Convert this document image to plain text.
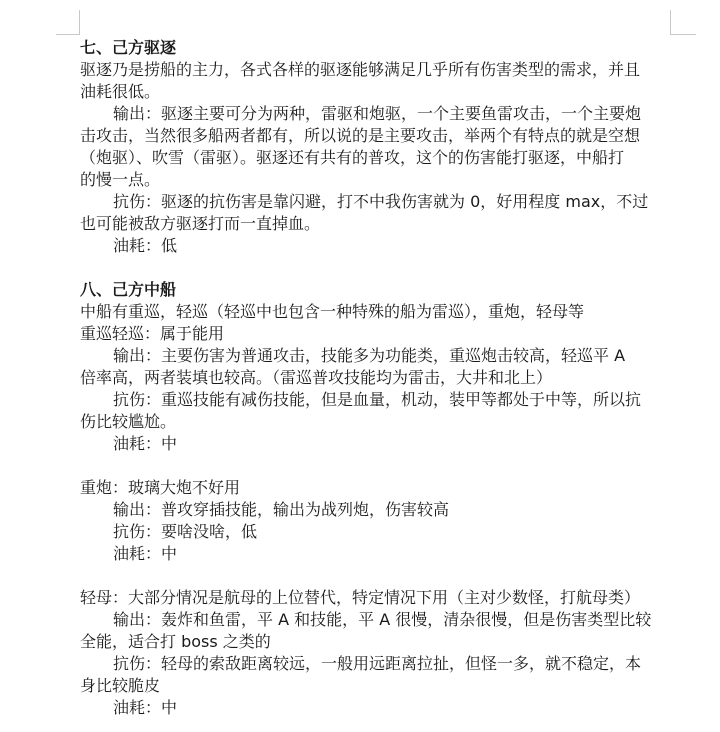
七、己方驱逐
驱逐乃是捞船的主力，各式各样的驱逐能够满足几乎所有伤害类型的需求，并且
油耗很低。
输出：驱逐主要可分为两种，雷驱和炮驱，一个主要鱼雷攻击，一个主要炮
击攻击，当然很多船两者都有，所以说的是主要攻击，举两个有特点的就是空想
（炮驱）、吹雪（雷驱）。驱逐还有共有的普攻，这个的伤害能打驱逐，中船打
的慢一点。
抗伤：驱逐的抗伤害是靠闪避，打不中我伤害就为 0，好用程度 max，不过
也可能被敌方驱逐打而一直掉血。
油耗：低
八、己方中船
中船有重巡，轻巡（轻巡中也包含一种特殊的船为雷巡），重炮，轻母等
重巡轻巡：属于能用
输出：主要伤害为普通攻击，技能多为功能类，重巡炮击较高，轻巡平 A
倍率高，两者装填也较高。（雷巡普攻技能均为雷击，大井和北上）
抗伤：重巡技能有减伤技能，但是血量，机动，装甲等都处于中等，所以抗
伤比较尴尬。
油耗：中
重炮：玻璃大炮不好用
输出：普攻穿插技能，输出为战列炮，伤害较高
抗伤：要啥没啥，低
油耗：中
轻母：大部分情况是航母的上位替代，特定情况下用（主对少数怪，打航母类）
输出：轰炸和鱼雷，平 A 和技能，平 A 很慢，清杂很慢，但是伤害类型比较
全能，适合打 boss 之类的
抗伤：轻母的索敌距离较远，一般用远距离拉扯，但怪一多，就不稳定，本
身比较脆皮
油耗：中
